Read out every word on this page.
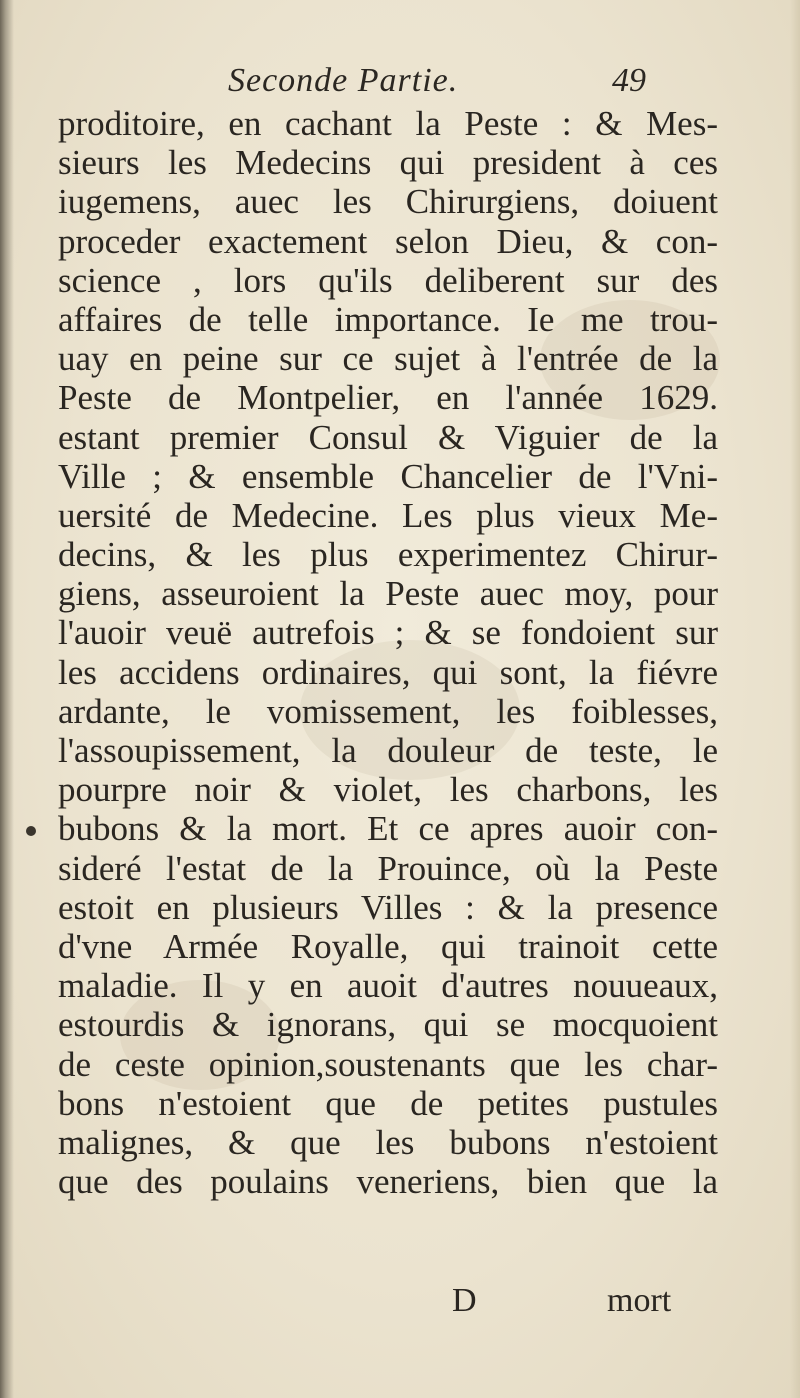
Seconde Partie.	49
proditoire, en cachant la Peste : & Mes-
sieurs les Medecins qui president à ces
iugemens, auec les Chirurgiens, doiuent
proceder exactement selon Dieu, & con-
science , lors qu'ils deliberent sur des
affaires de telle importance. Ie me trou-
uay en peine sur ce sujet à l'entrée de la
Peste de Montpelier, en l'année 1629.
estant premier Consul & Viguier de la
Ville ; & ensemble Chancelier de l'Vni-
uersité de Medecine. Les plus vieux Me-
decins, & les plus experimentez Chirur-
giens, asseuroient la Peste auec moy, pour
l'auoir veuë autrefois ; & se fondoient sur
les accidens ordinaires, qui sont, la fiévre
ardante, le vomissement, les foiblesses,
l'assoupissement, la douleur de teste, le
pourpre noir & violet, les charbons, les
bubons & la mort. Et ce apres auoir con-
sideré l'estat de la Prouince, où la Peste
estoit en plusieurs Villes : & la presence
d'vne Armée Royalle, qui trainoit cette
maladie. Il y en auoit d'autres nouueaux,
estourdis & ignorans, qui se mocquoient
de ceste opinion,soustenants que les char-
bons n'estoient que de petites pustules
malignes, & que les bubons n'estoient
que des poulains veneriens, bien que la
D	mort
